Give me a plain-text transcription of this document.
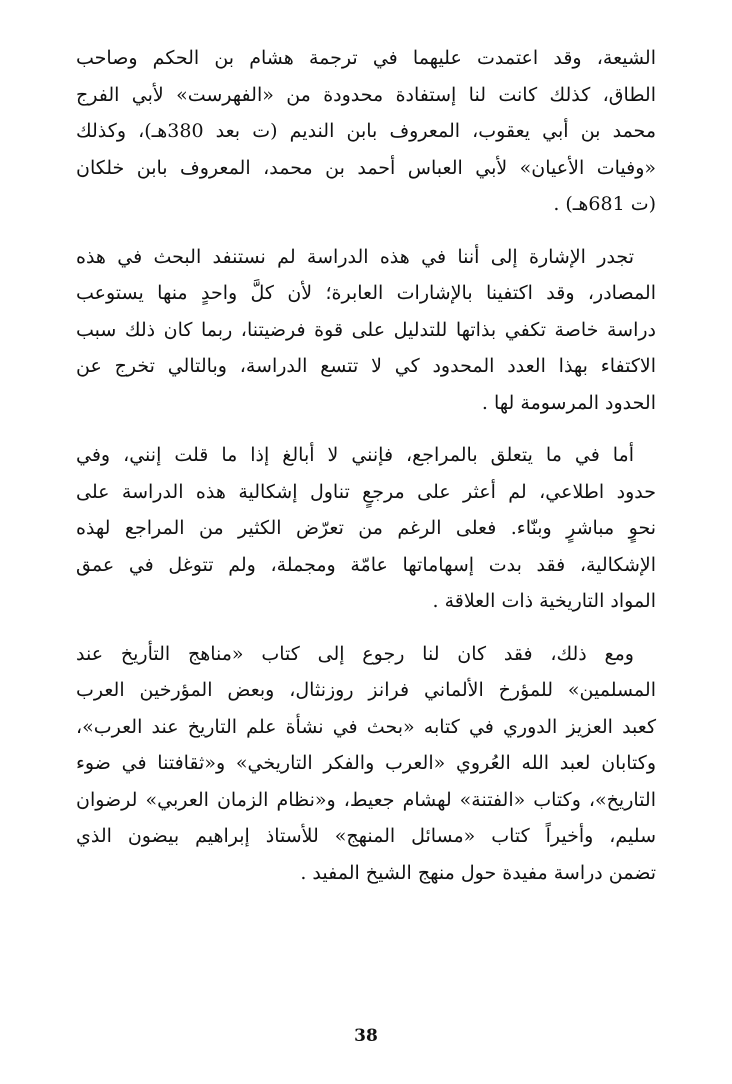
الشيعة، وقد اعتمدت عليهما في ترجمة هشام بن الحكم وصاحب
الطاق، كذلك كانت لنا إستفادة محدودة من «الفهرست» لأبي الفرج
محمد بن أبي يعقوب، المعروف بابن النديم (ت بعد 380هـ)، وكذلك
«وفيات الأعيان» لأبي العباس أحمد بن محمد، المعروف بابن خلكان
(ت 681هـ) .

تجدر الإشارة إلى أننا في هذه الدراسة لم نستنفد البحث في هذه
المصادر، وقد اكتفينا بالإشارات العابرة؛ لأن كلَّ واحدٍ منها يستوعب
دراسة خاصة تكفي بذاتها للتدليل على قوة فرضيتنا، ربما كان ذلك سبب
الاكتفاء بهذا العدد المحدود كي لا تتسع الدراسة، وبالتالي تخرج عن
الحدود المرسومة لها .

أما في ما يتعلق بالمراجع، فإنني لا أبالغ إذا ما قلت إنني، وفي
حدود اطلاعي، لم أعثر على مرجعٍ تناول إشكالية هذه الدراسة على
نحوٍ مباشرٍ وبنّاء. فعلى الرغم من تعرّض الكثير من المراجع لهذه
الإشكالية، فقد بدت إسهاماتها عامّة ومجملة، ولم تتوغل في عمق
المواد التاريخية ذات العلاقة .

ومع ذلك، فقد كان لنا رجوع إلى كتاب «مناهج التأريخ عند
المسلمين» للمؤرخ الألماني فرانز روزنثال، وبعض المؤرخين العرب
كعبد العزيز الدوري في كتابه «بحث في نشأة علم التاريخ عند العرب»،
وكتابان لعبد الله العُروي «العرب والفكر التاريخي» و«ثقافتنا في ضوء
التاريخ»، وكتاب «الفتنة» لهشام جعيط، و«نظام الزمان العربي» لرضوان
سليم، وأخيراً كتاب «مسائل المنهج» للأستاذ إبراهيم بيضون الذي
تضمن دراسة مفيدة حول منهج الشيخ المفيد .

38
